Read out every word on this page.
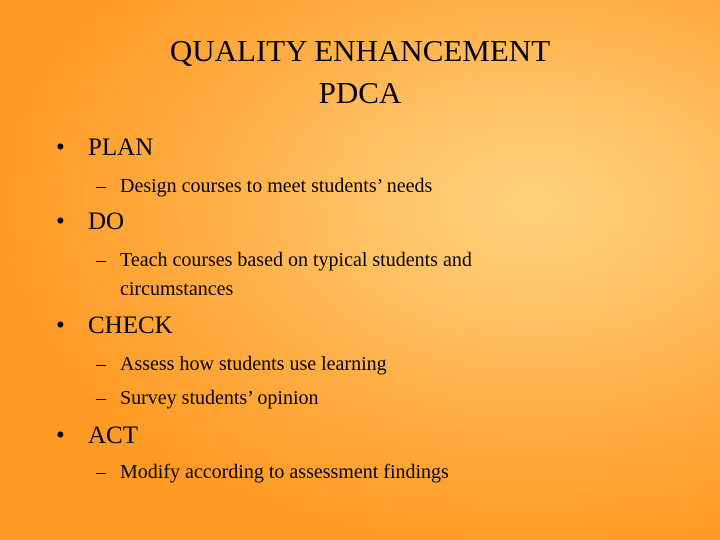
QUALITY ENHANCEMENT
PDCA
• PLAN
– Design courses to meet students’ needs
• DO
– Teach courses based on typical students and
circumstances
• CHECK
– Assess how students use learning
– Survey students’ opinion
• ACT
– Modify according to assessment findings
